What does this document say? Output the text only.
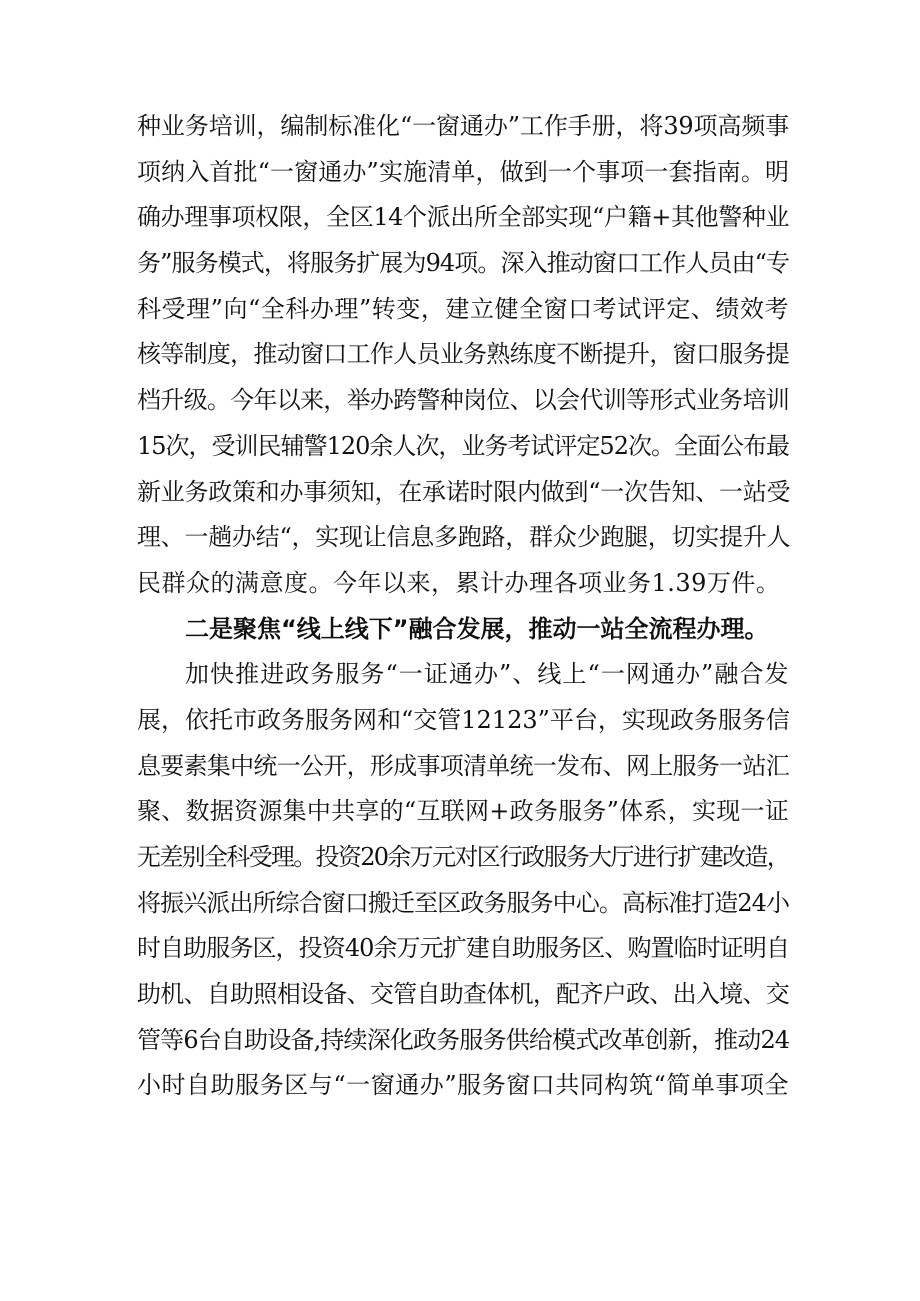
种业务培训，编制标准化“一窗通办”工作手册，将39项高频事
项纳入首批“一窗通办”实施清单，做到一个事项一套指南。明
确办理事项权限，全区14个派出所全部实现“户籍+其他警种业
务”服务模式，将服务扩展为94项。深入推动窗口工作人员由“专
科受理”向“全科办理”转变，建立健全窗口考试评定、绩效考
核等制度，推动窗口工作人员业务熟练度不断提升，窗口服务提
档升级。今年以来，举办跨警种岗位、以会代训等形式业务培训
15次，受训民辅警120余人次，业务考试评定52次。全面公布最
新业务政策和办事须知，在承诺时限内做到“一次告知、一站受
理、一趟办结“，实现让信息多跑路，群众少跑腿，切实提升人
民群众的满意度。今年以来，累计办理各项业务1.39万件。
二是聚焦“线上线下”融合发展，推动一站全流程办理。
加快推进政务服务“一证通办”、线上“一网通办”融合发
展，依托市政务服务网和“交管12123”平台，实现政务服务信
息要素集中统一公开，形成事项清单统一发布、网上服务一站汇
聚、数据资源集中共享的“互联网+政务服务”体系，实现一证
无差别全科受理。投资20余万元对区行政服务大厅进行扩建改造，
将振兴派出所综合窗口搬迁至区政务服务中心。高标准打造24小
时自助服务区，投资40余万元扩建自助服务区、购置临时证明自
助机、自助照相设备、交管自助查体机，配齐户政、出入境、交
管等6台自助设备,持续深化政务服务供给模式改革创新，推动24
小时自助服务区与“一窗通办”服务窗口共同构筑“简单事项全
